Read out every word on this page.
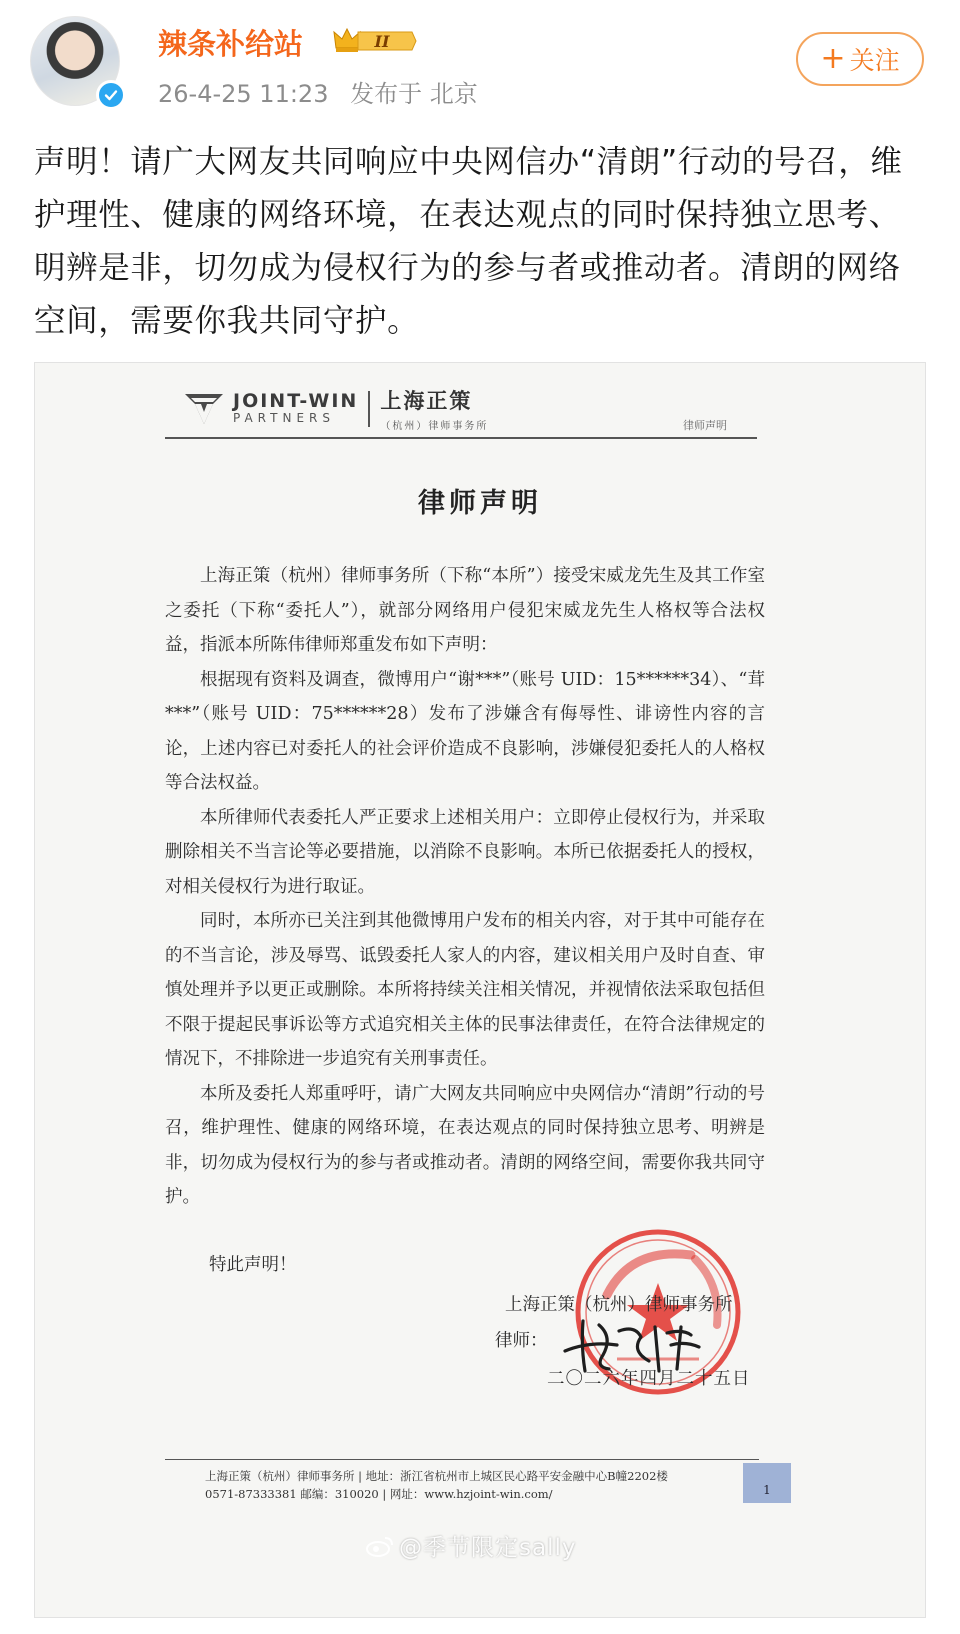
辣条补给站	II
26-4-25 11:23 发布于 北京
+ 关注
声明！请广大网友共同响应中央网信办“清朗”行动的号召，维护理性、健康的网络环境，在表达观点的同时保持独立思考、明辨是非，切勿成为侵权行为的参与者或推动者。清朗的网络空间，需要你我共同守护。
JOINT-WIN
PARTNERS
上海正策
（杭州）律师事务所	律师声明
律师声明

上海正策（杭州）律师事务所（下称“本所”）接受宋威龙先生及其工作室之委托（下称“委托人”），就部分网络用户侵犯宋威龙先生人格权等合法权益，指派本所陈伟律师郑重发布如下声明：

根据现有资料及调查，微博用户“谢***”（账号 UID：15******34）、“茸***”（账号 UID：75******28）发布了涉嫌含有侮辱性、诽谤性内容的言论，上述内容已对委托人的社会评价造成不良影响，涉嫌侵犯委托人的人格权等合法权益。

本所律师代表委托人严正要求上述相关用户：立即停止侵权行为，并采取删除相关不当言论等必要措施，以消除不良影响。本所已依据委托人的授权，对相关侵权行为进行取证。

同时，本所亦已关注到其他微博用户发布的相关内容，对于其中可能存在的不当言论，涉及辱骂、诋毁委托人家人的内容，建议相关用户及时自查、审慎处理并予以更正或删除。本所将持续关注相关情况，并视情依法采取包括但不限于提起民事诉讼等方式追究相关主体的民事法律责任，在符合法律规定的情况下，不排除进一步追究有关刑事责任。

本所及委托人郑重呼吁，请广大网友共同响应中央网信办“清朗”行动的号召，维护理性、健康的网络环境，在表达观点的同时保持独立思考、明辨是非，切勿成为侵权行为的参与者或推动者。清朗的网络空间，需要你我共同守护。

特此声明！
上海正策（杭州）律师事务所
律师：
二〇二六年四月二十五日
上海正策（杭州）律师事务所 | 地址：浙江省杭州市上城区民心路平安金融中心B幢2202楼
0571-87333381 邮编：310020 | 网址：www.hzjoint-win.com/	1
@季节限定sally
